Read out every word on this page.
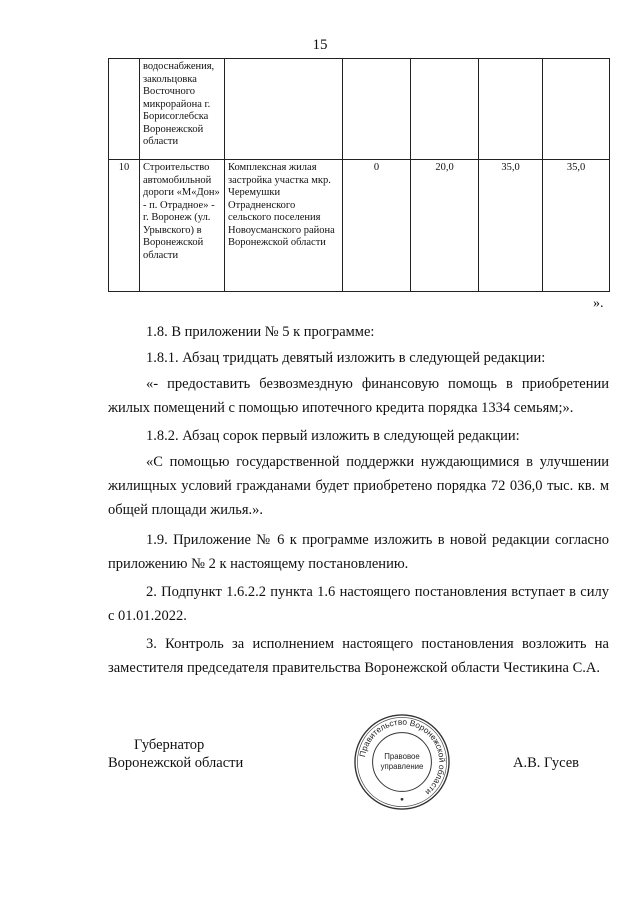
15
	водоснабжения, закольцовка Восточного микрорайона г. Борисоглебска Воронежской области					
10	Строительство автомобильной дороги «М«Дон» - п. Отрадное» - г. Воронеж (ул. Урывского) в Воронежской области	Комплексная жилая застройка участка мкр. Черемушки Отрадненского сельского поселения Новоусманского района Воронежской области	0	20,0	35,0	35,0
».

1.8. В приложении № 5 к программе:

1.8.1. Абзац тридцать девятый изложить в следующей редакции:

«- предоставить безвозмездную финансовую помощь в приобретении жилых помещений с помощью ипотечного кредита порядка 1334 семьям;».

1.8.2. Абзац сорок первый изложить в следующей редакции:

«С помощью государственной поддержки нуждающимися в улучшении жилищных условий гражданами будет приобретено порядка 72 036,0 тыс. кв. м общей площади жилья.».

1.9. Приложение № 6 к программе изложить в новой редакции согласно приложению № 2 к настоящему постановлению.

2. Подпункт 1.6.2.2 пункта 1.6 настоящего постановления вступает в силу с 01.01.2022.

3. Контроль за исполнением настоящего постановления возложить на заместителя председателя правительства Воронежской области Честикина С.А.

Губернатор
Воронежской области
Правительство Воронежской области
Правовое
управление	А.В. Гусев
